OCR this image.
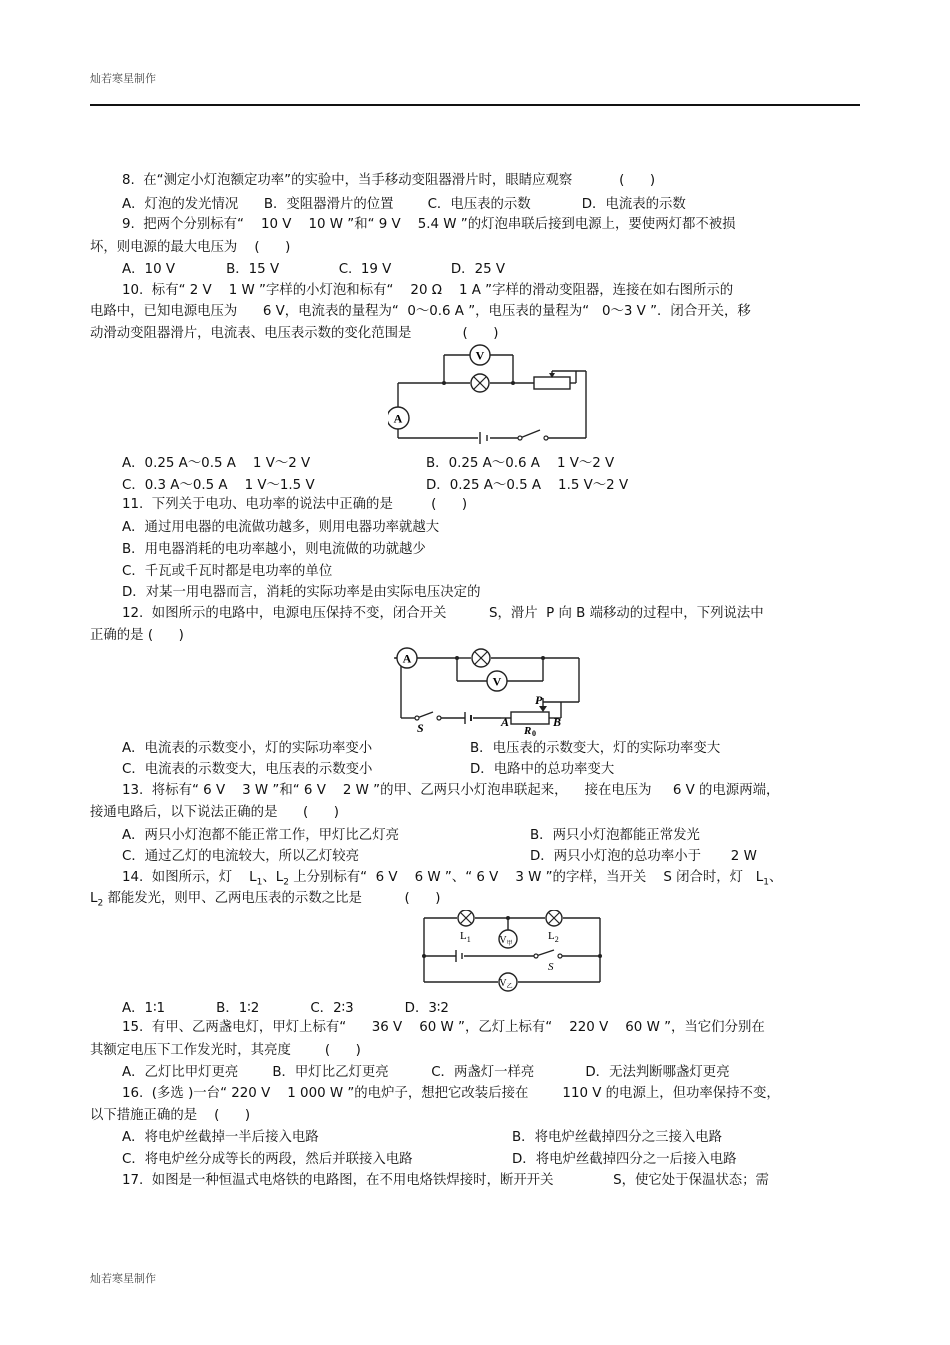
灿若寒星制作
8.  在“测定小灯泡额定功率”的实验中，当手移动变阻器滑片时，眼睛应观察           (      )
A．灯泡的发光情况      B．变阻器滑片的位置        C．电压表的示数            D．电流表的示数
9.  把两个分别标有“    10 V    10 W ”和“ 9 V    5.4 W ”的灯泡串联后接到电源上，要使两灯都不被损
坏，则电源的最大电压为    (      )
A．10 V            B．15 V              C.  19 V              D．25 V
10.  标有“ 2 V    1 W ”字样的小灯泡和标有“    20 Ω    1 A ”字样的滑动变阻器，连接在如右图所示的
电路中，已知电源电压为      6 V，电流表的量程为“  0～0.6 A ”，电压表的量程为“   0～3 V ”．闭合开关，移
动滑动变阻器滑片，电流表、电压表示数的变化范围是            (      )
V
A
A．0.25 A～0.5 A    1 V～2 V	B．0.25 A～0.6 A    1 V～2 V
C．0.3 A～0.5 A    1 V～1.5 V	D．0.25 A～0.5 A    1.5 V～2 V
11.  下列关于电功、电功率的说法中正确的是         (      )
A．通过用电器的电流做功越多，则用电器功率就越大
B．用电器消耗的电功率越小，则电流做的功就越少
C．千瓦或千瓦时都是电功率的单位
D．对某一用电器而言，消耗的实际功率是由实际电压决定的
12.  如图所示的电路中，电源电压保持不变，闭合开关          S，滑片  P 向 B 端移动的过程中，下列说法中
正确的是 (      )
A
V
P
A	B
S	R 0
A．电流表的示数变小，灯的实际功率变小	B．电压表的示数变大，灯的实际功率变大
C．电流表的示数变大，电压表的示数变小	D．电路中的总功率变大
13.  将标有“ 6 V    3 W ”和“ 6 V    2 W ”的甲、乙两只小灯泡串联起来，    接在电压为     6 V 的电源两端，
接通电路后，以下说法正确的是      (      )
A．两只小灯泡都不能正常工作，甲灯比乙灯亮	B．两只小灯泡都能正常发光
C．通过乙灯的电流较大，所以乙灯较亮	D．两只小灯泡的总功率小于       2 W
14.  如图所示，灯    $L_1$、$L_2$ 上分别标有“  6 V    6 W ”、“ 6 V    3 W ”的字样，当开关    S 闭合时，灯   $L_1$、
$L_2$ 都能发光，则甲、乙两电压表的示数之比是          (      )
$L_1$	$L_2$
$V_甲$
$V_乙$
S
A．1∶1            B．1∶2            C．2∶3            D．3∶2
15.  有甲、乙两盏电灯，甲灯上标有“      36 V    60 W ”，乙灯上标有“    220 V    60 W ”，当它们分别在
其额定电压下工作发光时，其亮度        (      )
A．乙灯比甲灯更亮        B．甲灯比乙灯更亮          C．两盏灯一样亮            D．无法判断哪盏灯更亮
16.  (多选 )一台“ 220 V    1 000 W ”的电炉子，想把它改装后接在        110 V 的电源上，但功率保持不变，
以下措施正确的是    (      )
A．将电炉丝截掉一半后接入电路	B．将电炉丝截掉四分之三接入电路
C．将电炉丝分成等长的两段，然后并联接入电路	D．将电炉丝截掉四分之一后接入电路
17.  如图是一种恒温式电烙铁的电路图，在不用电烙铁焊接时，断开开关              S，使它处于保温状态；需
灿若寒星制作
